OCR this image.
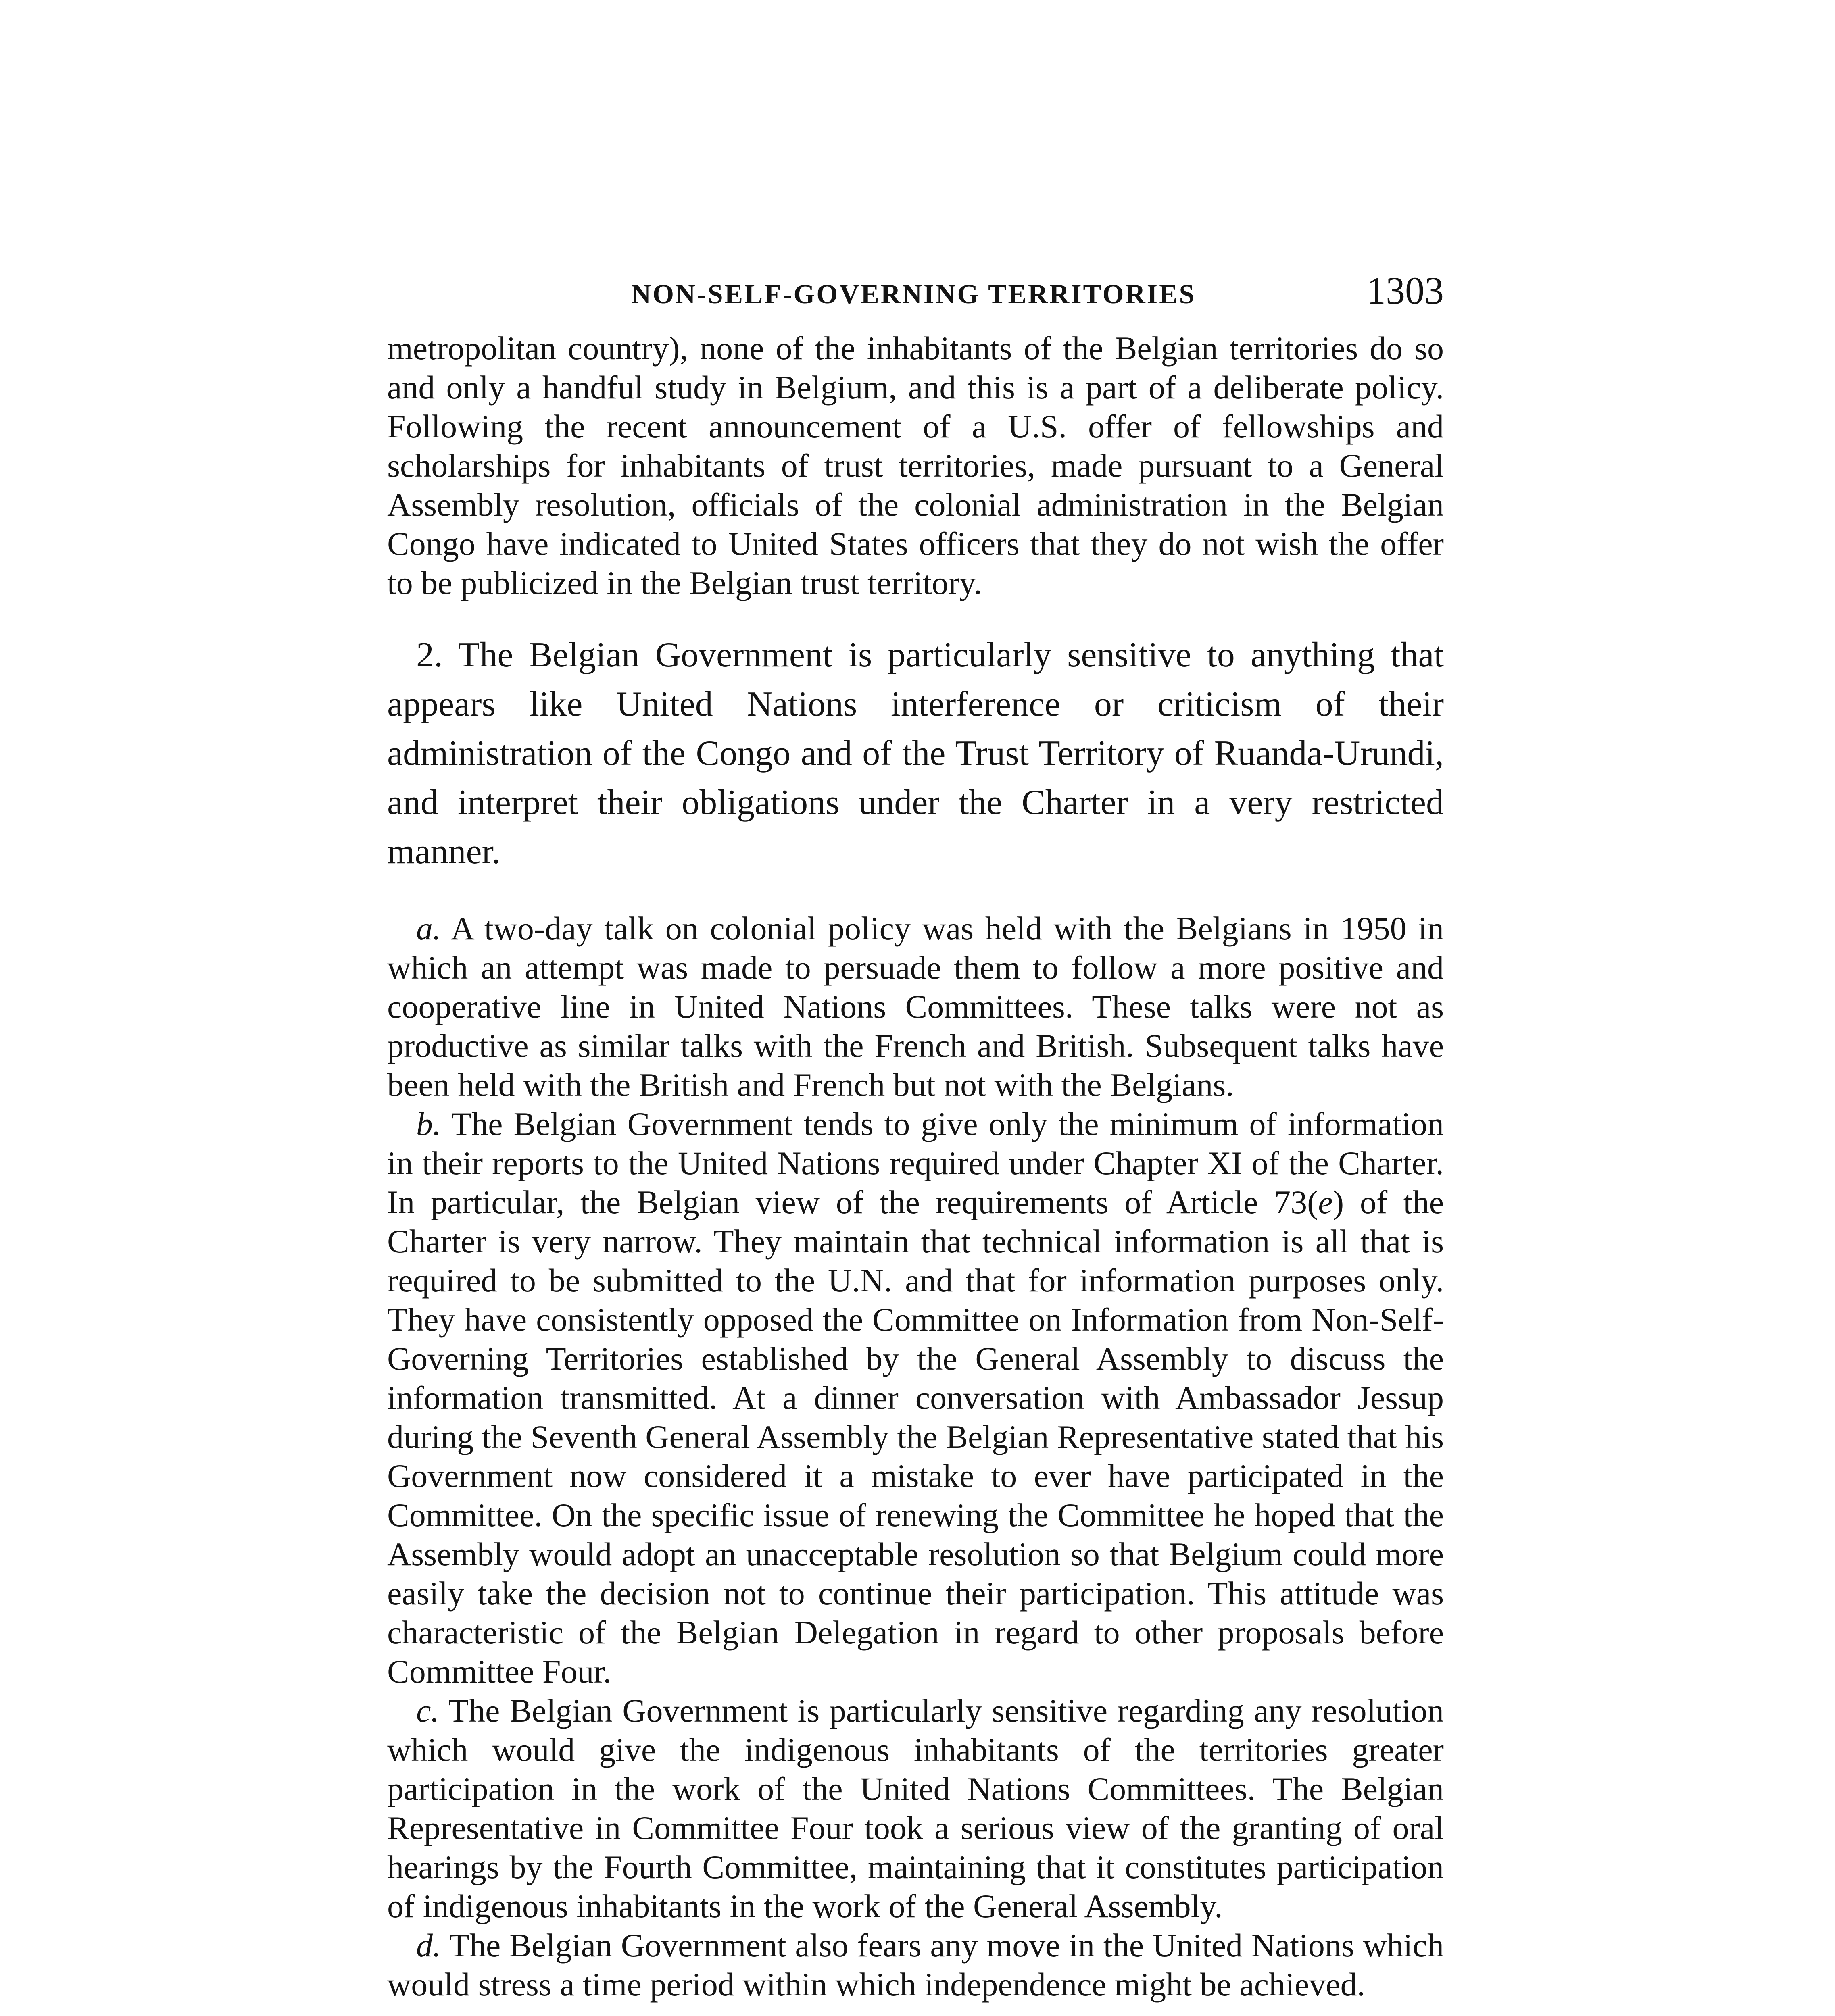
NON-SELF-GOVERNING TERRITORIES	1303

metropolitan country), none of the inhabitants of the Belgian territories do so and only a handful study in Belgium, and this is a part of a deliberate policy. Following the recent announcement of a U.S. offer of fellowships and scholarships for inhabitants of trust territories, made pursuant to a General Assembly resolution, officials of the colonial administration in the Belgian Congo have indicated to United States officers that they do not wish the offer to be publicized in the Belgian trust territory.

2. The Belgian Government is particularly sensitive to anything that appears like United Nations interference or criticism of their administration of the Congo and of the Trust Territory of Ruanda-Urundi, and interpret their obligations under the Charter in a very restricted manner.

a. A two-day talk on colonial policy was held with the Belgians in 1950 in which an attempt was made to persuade them to follow a more positive and cooperative line in United Nations Committees. These talks were not as productive as similar talks with the French and British. Subsequent talks have been held with the British and French but not with the Belgians.

b. The Belgian Government tends to give only the minimum of information in their reports to the United Nations required under Chapter XI of the Charter. In particular, the Belgian view of the requirements of Article 73(e) of the Charter is very narrow. They maintain that technical information is all that is required to be submitted to the U.N. and that for information purposes only. They have consistently opposed the Committee on Information from Non-Self-Governing Territories established by the General Assembly to discuss the information transmitted. At a dinner conversation with Ambassador Jessup during the Seventh General Assembly the Belgian Representative stated that his Government now considered it a mistake to ever have participated in the Committee. On the specific issue of renewing the Committee he hoped that the Assembly would adopt an unacceptable resolution so that Belgium could more easily take the decision not to continue their participation. This attitude was characteristic of the Belgian Delegation in regard to other proposals before Committee Four.

c. The Belgian Government is particularly sensitive regarding any resolution which would give the indigenous inhabitants of the territories greater participation in the work of the United Nations Committees. The Belgian Representative in Committee Four took a serious view of the granting of oral hearings by the Fourth Committee, maintaining that it constitutes participation of indigenous inhabitants in the work of the General Assembly.

d. The Belgian Government also fears any move in the United Nations which would stress a time period within which independence might be achieved.
